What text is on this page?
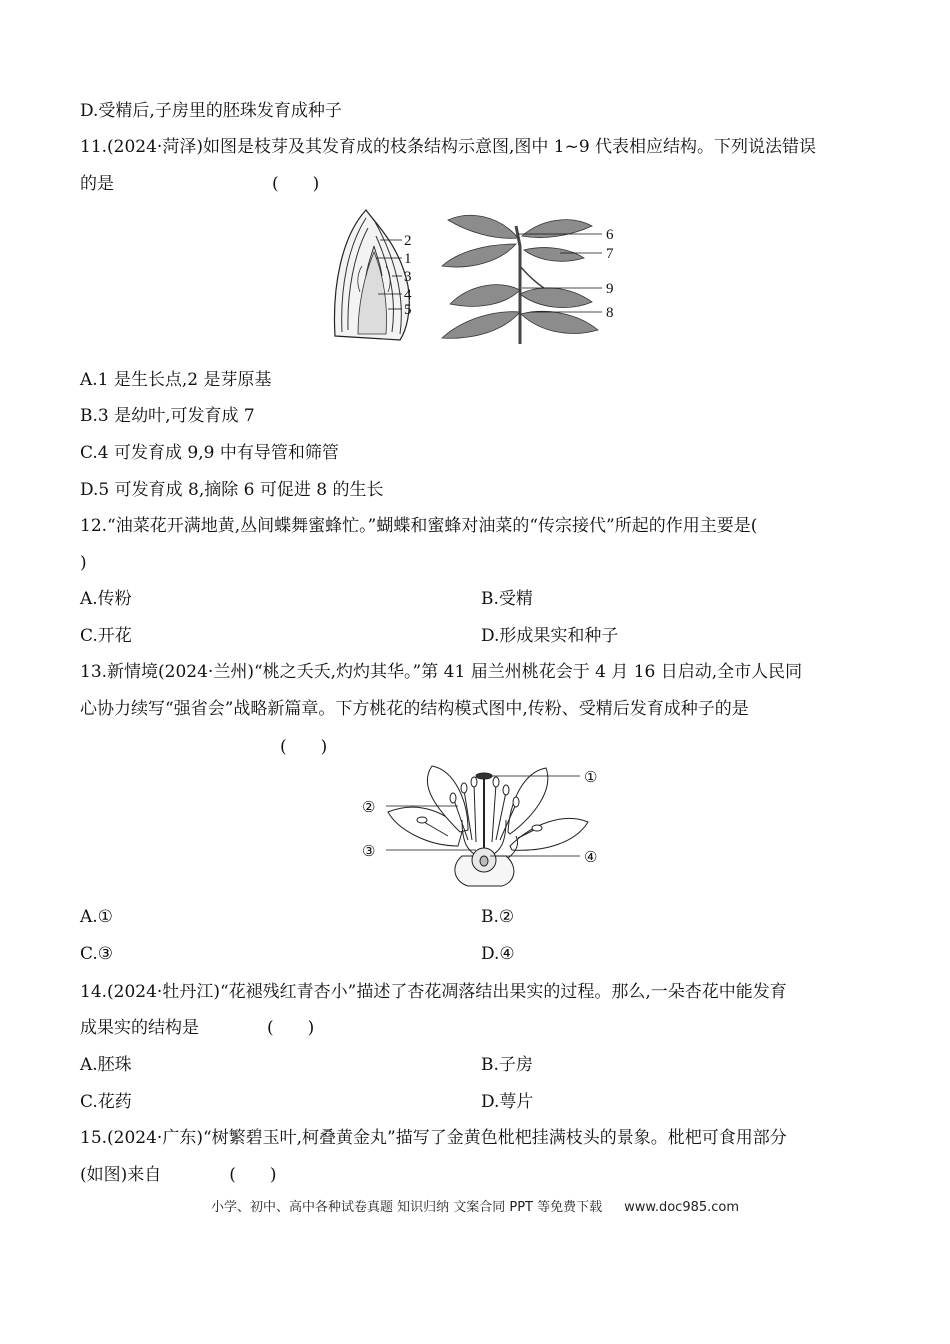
D.受精后,子房里的胚珠发育成种子
11.(2024·菏泽)如图是枝芽及其发育成的枝条结构示意图,图中 1~9 代表相应结构。下列说法错误
的是	(　　)
2
1
3
4
5
6
7
9
8
A.1 是生长点,2 是芽原基
B.3 是幼叶,可发育成 7
C.4 可发育成 9,9 中有导管和筛管
D.5 可发育成 8,摘除 6 可促进 8 的生长
12.“油菜花开满地黄,丛间蝶舞蜜蜂忙。”蝴蝶和蜜蜂对油菜的“传宗接代”所起的作用主要是(
)
A.传粉	B.受精
C.开花	D.形成果实和种子
13.新情境(2024·兰州)“桃之夭夭,灼灼其华。”第 41 届兰州桃花会于 4 月 16 日启动,全市人民同
心协力续写“强省会”战略新篇章。下方桃花的结构模式图中,传粉、受精后发育成种子的是
(　　)
①
②
③	④
A.①	B.②
C.③	D.④
14.(2024·牡丹江)“花褪残红青杏小”描述了杏花凋落结出果实的过程。那么,一朵杏花中能发育
成果实的结构是	(　　)
A.胚珠	B.子房
C.花药	D.萼片
15.(2024·广东)“树繁碧玉叶,柯叠黄金丸”描写了金黄色枇杷挂满枝头的景象。枇杷可食用部分
(如图)来自	(　　)
小学、初中、高中各种试卷真题 知识归纳 文案合同 PPT 等免费下载 www.doc985.com
